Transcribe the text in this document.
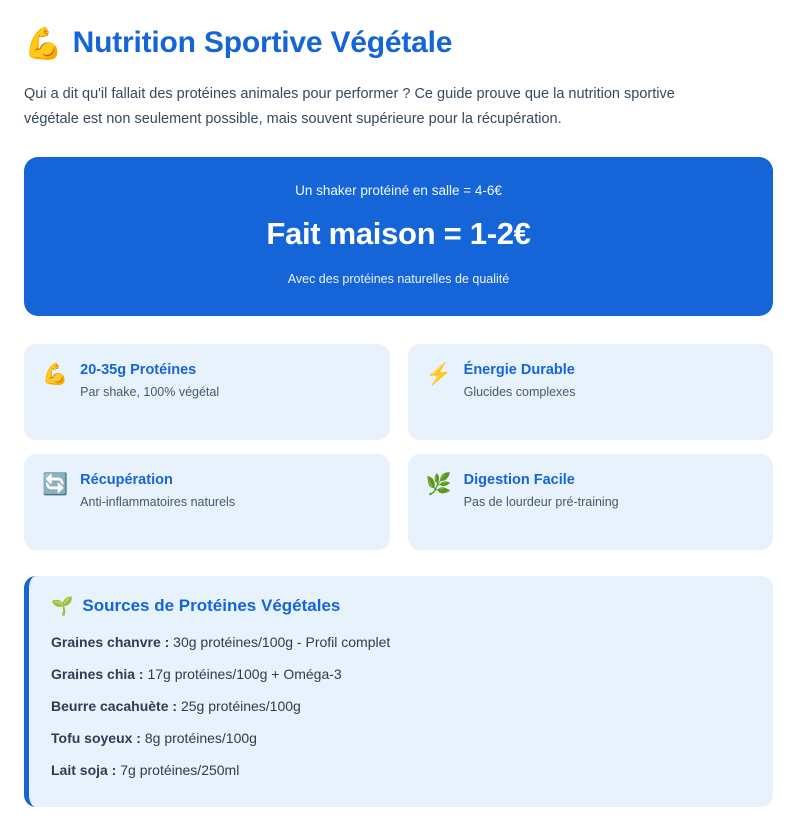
💪 Nutrition Sportive Végétale

Qui a dit qu'il fallait des protéines animales pour performer ? Ce guide prouve que la nutrition sportive végétale est non seulement possible, mais souvent supérieure pour la récupération.

Un shaker protéiné en salle = 4-6€
Fait maison = 1-2€
Avec des protéines naturelles de qualité
💪 20-35g Protéines
Par shake, 100% végétal
⚡ Énergie Durable
Glucides complexes
🔄 Récupération
Anti-inflammatoires naturels
🌿 Digestion Facile
Pas de lourdeur pré-training
🌱 Sources de Protéines Végétales
Graines chanvre : 30g protéines/100g - Profil complet
Graines chia : 17g protéines/100g + Oméga-3
Beurre cacahuète : 25g protéines/100g
Tofu soyeux : 8g protéines/100g
Lait soja : 7g protéines/250ml
